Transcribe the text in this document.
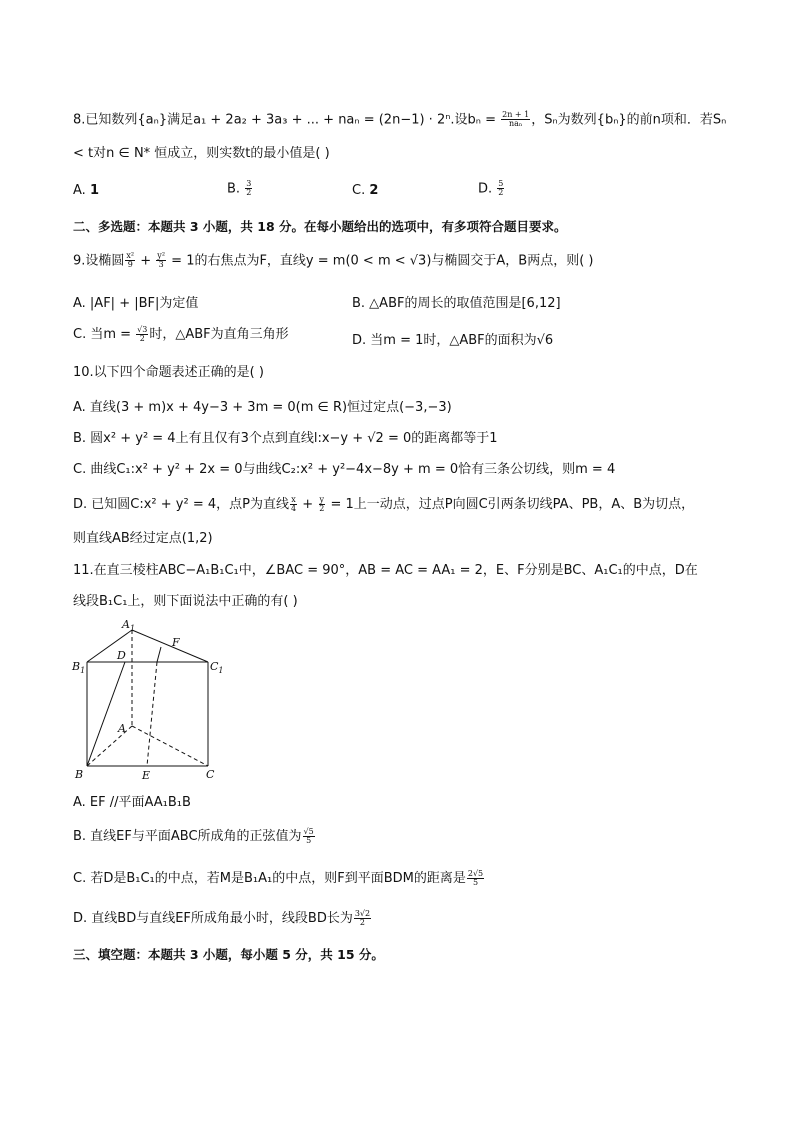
8.已知数列{aₙ}满足a₁ + 2a₂ + 3a₃ + ... + naₙ = (2n−1) · 2ⁿ.设$b_n = \frac{2n + 1}{\text{naₙ}}$ ，Sₙ为数列{bₙ}的前n项和．若Sₙ
< t对n ∈ N* 恒成立，则实数t的最小值是( )
A. 1	B. $\frac{3}{2}$	C. 2	D. $\frac{5}{2}$
二、多选题：本题共 3 小题，共 18 分。在每小题给出的选项中，有多项符合题目要求。
9.设椭圆 $\frac{\text{x²}}{9} + \frac{\text{y²}}{3} = 1$的右焦点为F，直线y = m(0 < m < √3)与椭圆交于A，B两点，则( )
A. |AF| + |BF|为定值	B. △ABF的周长的取值范围是[6,12]
C. 当$m = \frac{√3}{2}$ 时，△ABF为直角三角形	D. 当m = 1时，△ABF的面积为√6
10.以下四个命题表述正确的是( )
A. 直线(3 + m)x + 4y−3 + 3m = 0(m ∈ R)恒过定点(−3,−3)
B. 圆x² + y² = 4上有且仅有3个点到直线l:x−y + √2 = 0的距离都等于1
C. 曲线C₁:x² + y² + 2x = 0与曲线C₂:x² + y²−4x−8y + m = 0恰有三条公切线，则m = 4
D. 已知圆C:x² + y² = 4，点P为直线 $\frac{x}{4} + \frac{y}{2} = 1$上一动点，过点P向圆C引两条切线PA、PB，A、B为切点，
则直线AB经过定点(1,2)
11.在直三棱柱ABC−A₁B₁C₁中，∠BAC = 90°，AB = AC = AA₁ = 2，E、F分别是BC、A₁C₁的中点，D在
线段B₁C₁上，则下面说法中正确的有( )
$A_1$
$B_1$	$C_1$
D
F
A
B	C
E
A. EF //平面AA₁B₁B
B. 直线EF与平面ABC所成角的正弦值为 $\frac{√5}{5}$
C. 若D是B₁C₁的中点，若M是B₁A₁的中点，则F到平面BDM的距离是 $\frac{2√5}{5}$
D. 直线BD与直线EF所成角最小时，线段BD长为 $\frac{3√2}{2}$
三、填空题：本题共 3 小题，每小题 5 分，共 15 分。
